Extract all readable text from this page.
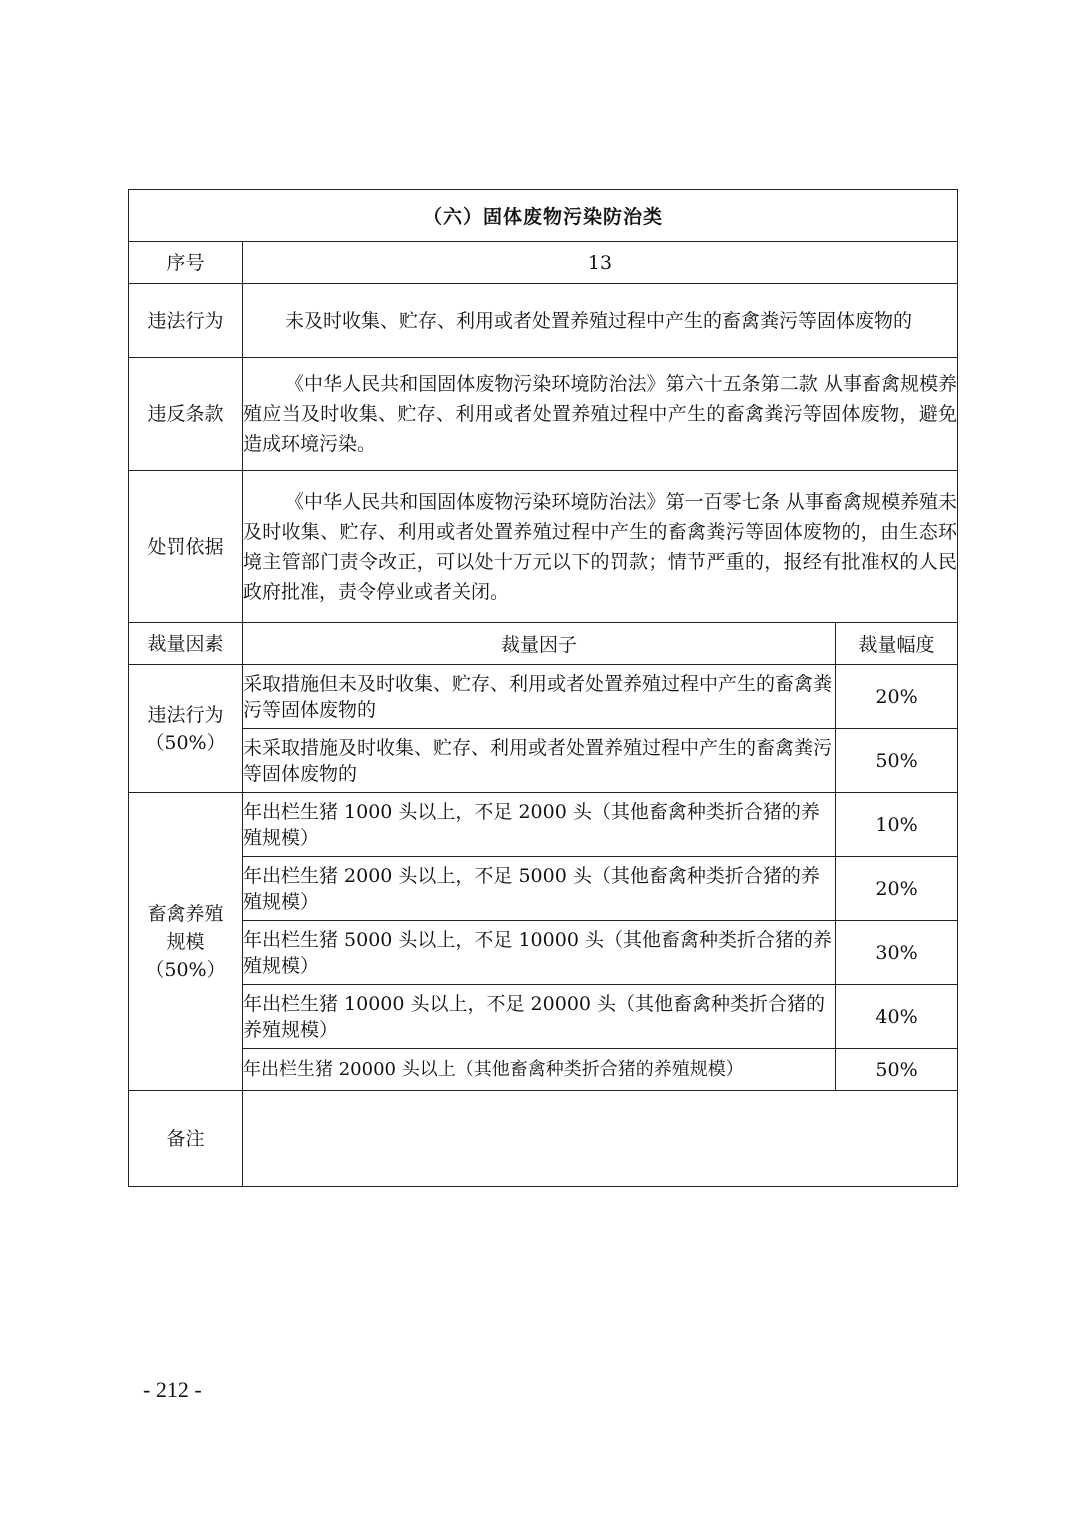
（六）固体废物污染防治类		
序号	13	
违法行为	未及时收集、贮存、利用或者处置养殖过程中产生的畜禽粪污等固体废物的	
违反条款	《中华人民共和国固体废物污染环境防治法》第六十五条第二款 从事畜禽规模养殖应当及时收集、贮存、利用或者处置养殖过程中产生的畜禽粪污等固体废物，避免造成环境污染。	
处罚依据	《中华人民共和国固体废物污染环境防治法》第一百零七条 从事畜禽规模养殖未及时收集、贮存、利用或者处置养殖过程中产生的畜禽粪污等固体废物的，由生态环境主管部门责令改正，可以处十万元以下的罚款；情节严重的，报经有批准权的人民政府批准，责令停业或者关闭。	
裁量因素	裁量因子	裁量幅度

违法行为
（50%）	采取措施但未及时收集、贮存、利用或者处置养殖过程中产生的畜禽粪污等固体废物的	20%
	未采取措施及时收集、贮存、利用或者处置养殖过程中产生的畜禽粪污等固体废物的	50%

畜禽养殖
规模
（50%）	年出栏生猪 1000 头以上，不足 2000 头（其他畜禽种类折合猪的养殖规模）	10%
	年出栏生猪 2000 头以上，不足 5000 头（其他畜禽种类折合猪的养殖规模）	20%
	年出栏生猪 5000 头以上，不足 10000 头（其他畜禽种类折合猪的养殖规模）	30%
	年出栏生猪 10000 头以上，不足 20000 头（其他畜禽种类折合猪的养殖规模）	40%
	年出栏生猪 20000 头以上（其他畜禽种类折合猪的养殖规模）	50%
备注		
- 212 -
